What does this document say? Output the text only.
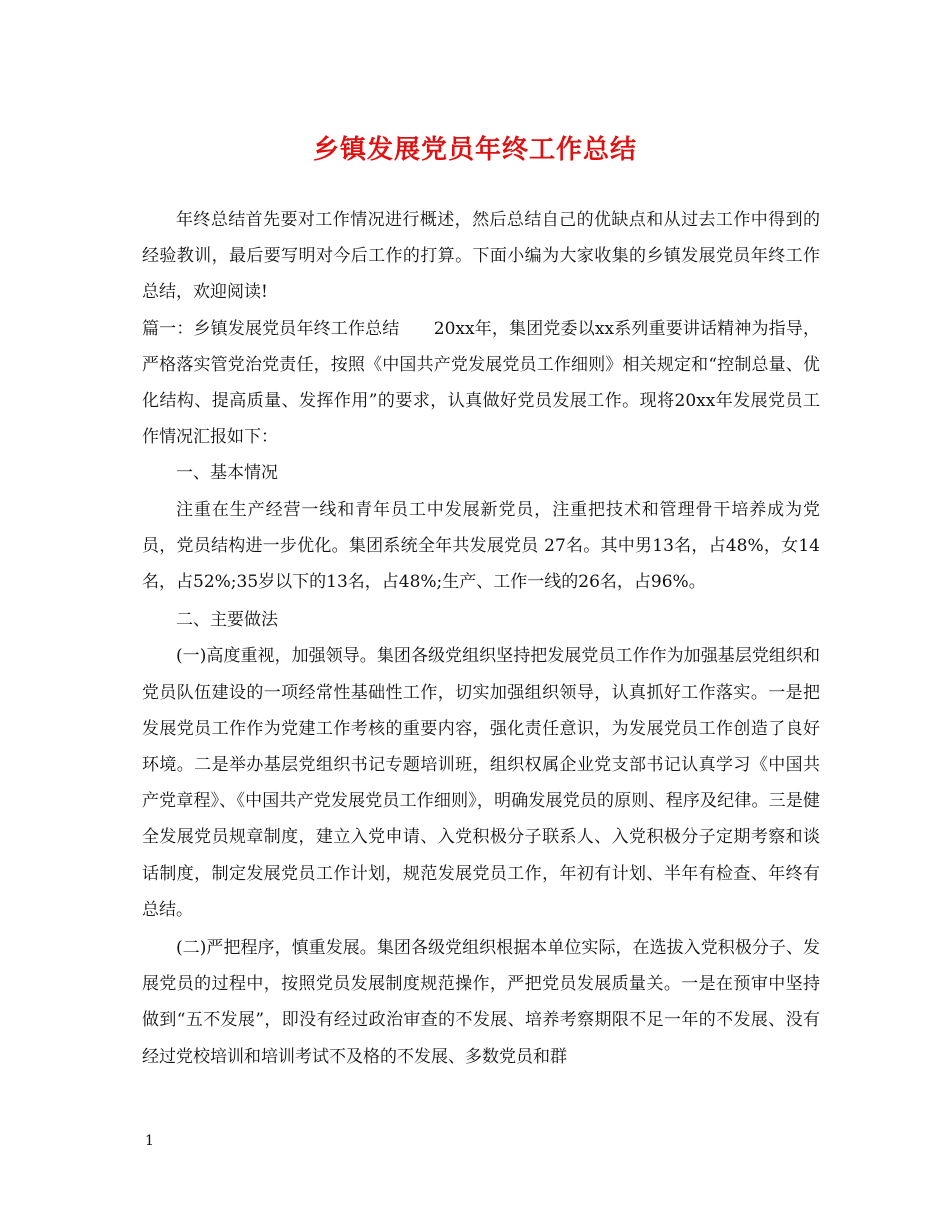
乡镇发展党员年终工作总结

年终总结首先要对工作情况进行概述，然后总结自己的优缺点和从过去工作中得到的经验教训，最后要写明对今后工作的打算。下面小编为大家收集的乡镇发展党员年终工作总结，欢迎阅读!

篇一：乡镇发展党员年终工作总结　　20xx年，集团党委以xx系列重要讲话精神为指导，严格落实管党治党责任，按照《中国共产党发展党员工作细则》相关规定和“控制总量、优化结构、提高质量、发挥作用”的要求，认真做好党员发展工作。现将20xx年发展党员工作情况汇报如下：

一、基本情况

注重在生产经营一线和青年员工中发展新党员，注重把技术和管理骨干培养成为党员，党员结构进一步优化。集团系统全年共发展党员 27名。其中男13名，占48%，女14名，占52%;35岁以下的13名，占48%;生产、工作一线的26名，占96%。

二、主要做法

(一)高度重视，加强领导。集团各级党组织坚持把发展党员工作作为加强基层党组织和党员队伍建设的一项经常性基础性工作，切实加强组织领导，认真抓好工作落实。一是把发展党员工作作为党建工作考核的重要内容，强化责任意识，为发展党员工作创造了良好环境。二是举办基层党组织书记专题培训班，组织权属企业党支部书记认真学习《中国共产党章程》、《中国共产党发展党员工作细则》，明确发展党员的原则、程序及纪律。三是健全发展党员规章制度，建立入党申请、入党积极分子联系人、入党积极分子定期考察和谈话制度，制定发展党员工作计划，规范发展党员工作，年初有计划、半年有检查、年终有总结。

(二)严把程序，慎重发展。集团各级党组织根据本单位实际，在选拔入党积极分子、发展党员的过程中，按照党员发展制度规范操作，严把党员发展质量关。一是在预审中坚持做到“五不发展”，即没有经过政治审查的不发展、培养考察期限不足一年的不发展、没有经过党校培训和培训考试不及格的不发展、多数党员和群

1
